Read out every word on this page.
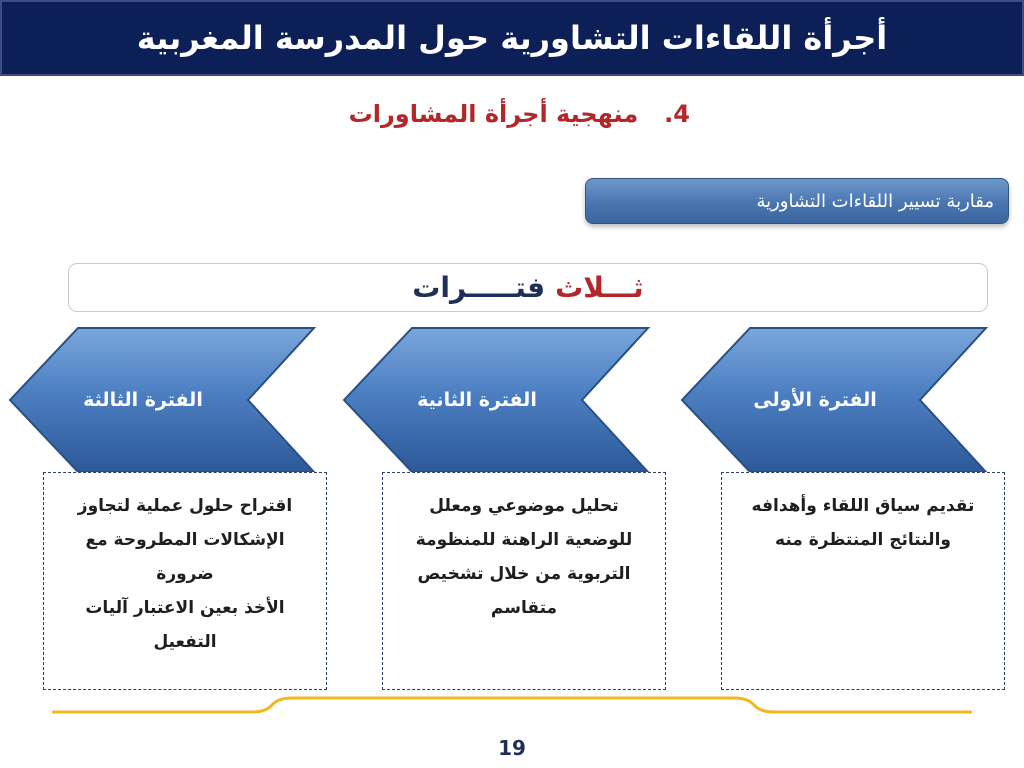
أجرأة اللقاءات التشاورية حول المدرسة المغربية
4.
منهجية أجرأة المشاورات
مقاربة تسيير اللقاءات التشاورية
ثـــلاث
فتـــــرات
الفترة الثالثة	الفترة الثانية	الفترة الأولى
اقتراح حلول عملية لتجاوز
الإشكالات المطروحة مع ضرورة
الأخذ بعين الاعتبار آليات
التفعيل
تحليل موضوعي ومعلل
للوضعية الراهنة للمنظومة
التربوية من خلال تشخيص
متقاسم
تقديم سياق اللقاء وأهدافه
والنتائج المنتظرة منه
19
